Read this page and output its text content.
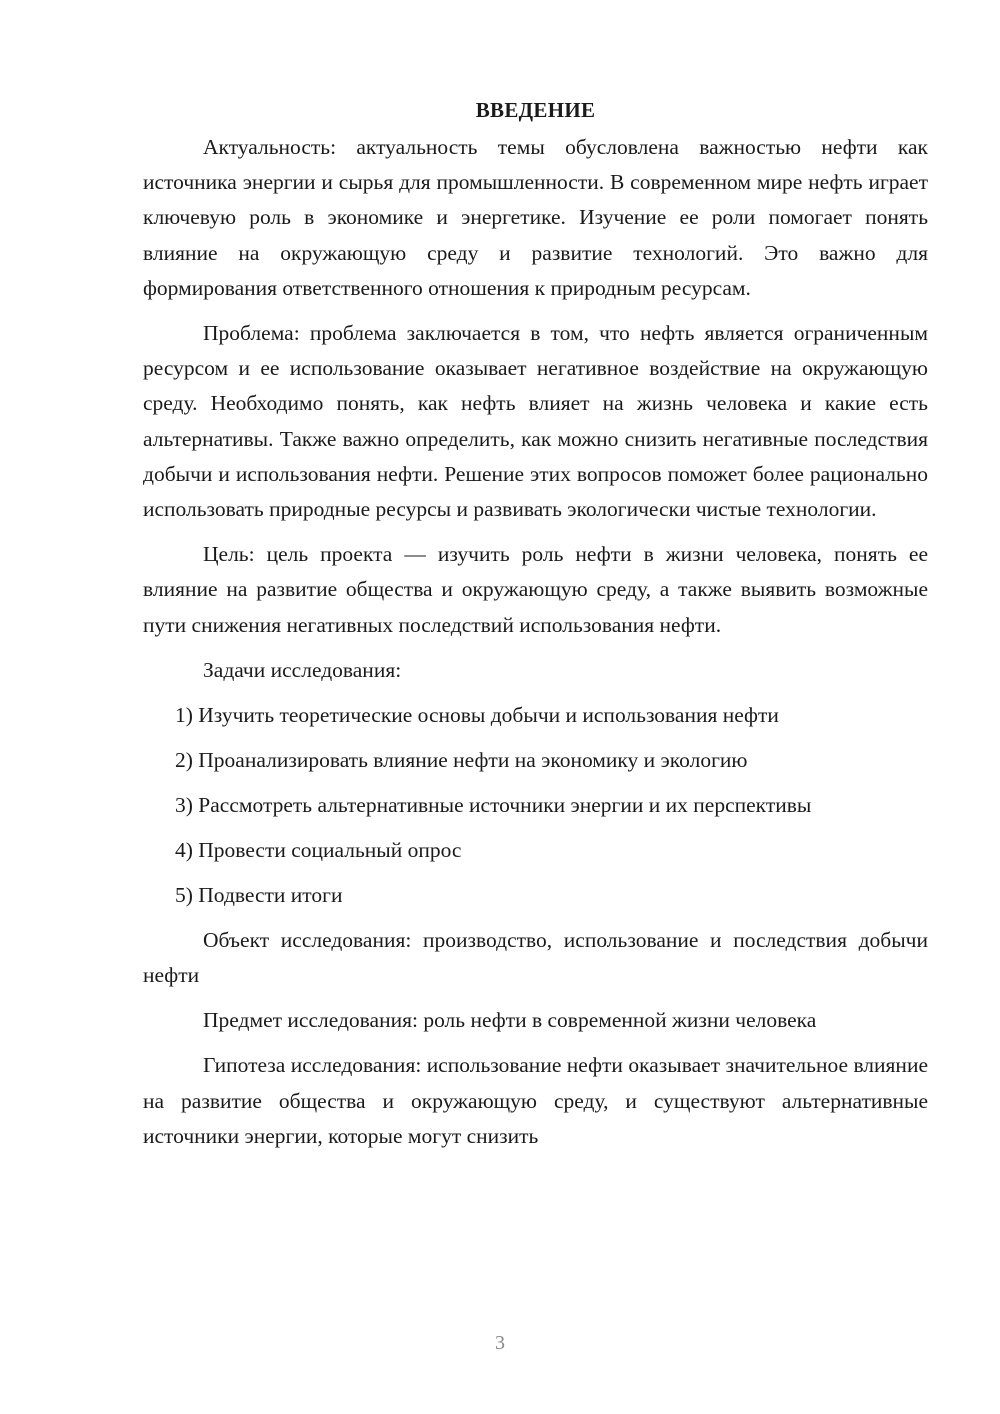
ВВЕДЕНИЕ

Актуальность: актуальность темы обусловлена важностью нефти как источника энергии и сырья для промышленности. В современном мире нефть играет ключевую роль в экономике и энергетике. Изучение ее роли помогает понять влияние на окружающую среду и развитие технологий. Это важно для формирования ответственного отношения к природным ресурсам.

Проблема: проблема заключается в том, что нефть является ограниченным ресурсом и ее использование оказывает негативное воздействие на окружающую среду. Необходимо понять, как нефть влияет на жизнь человека и какие есть альтернативы. Также важно определить, как можно снизить негативные последствия добычи и использования нефти. Решение этих вопросов поможет более рационально использовать природные ресурсы и развивать экологически чистые технологии.

Цель: цель проекта — изучить роль нефти в жизни человека, понять ее влияние на развитие общества и окружающую среду, а также выявить возможные пути снижения негативных последствий использования нефти.

Задачи исследования:
1) Изучить теоретические основы добычи и использования нефти
2) Проанализировать влияние нефти на экономику и экологию
3) Рассмотреть альтернативные источники энергии и их перспективы
4) Провести социальный опрос
5) Подвести итоги

Объект исследования: производство, использование и последствия добычи нефти

Предмет исследования: роль нефти в современной жизни человека

Гипотеза исследования: использование нефти оказывает значительное влияние на развитие общества и окружающую среду, и существуют альтернативные источники энергии, которые могут снизить

3
